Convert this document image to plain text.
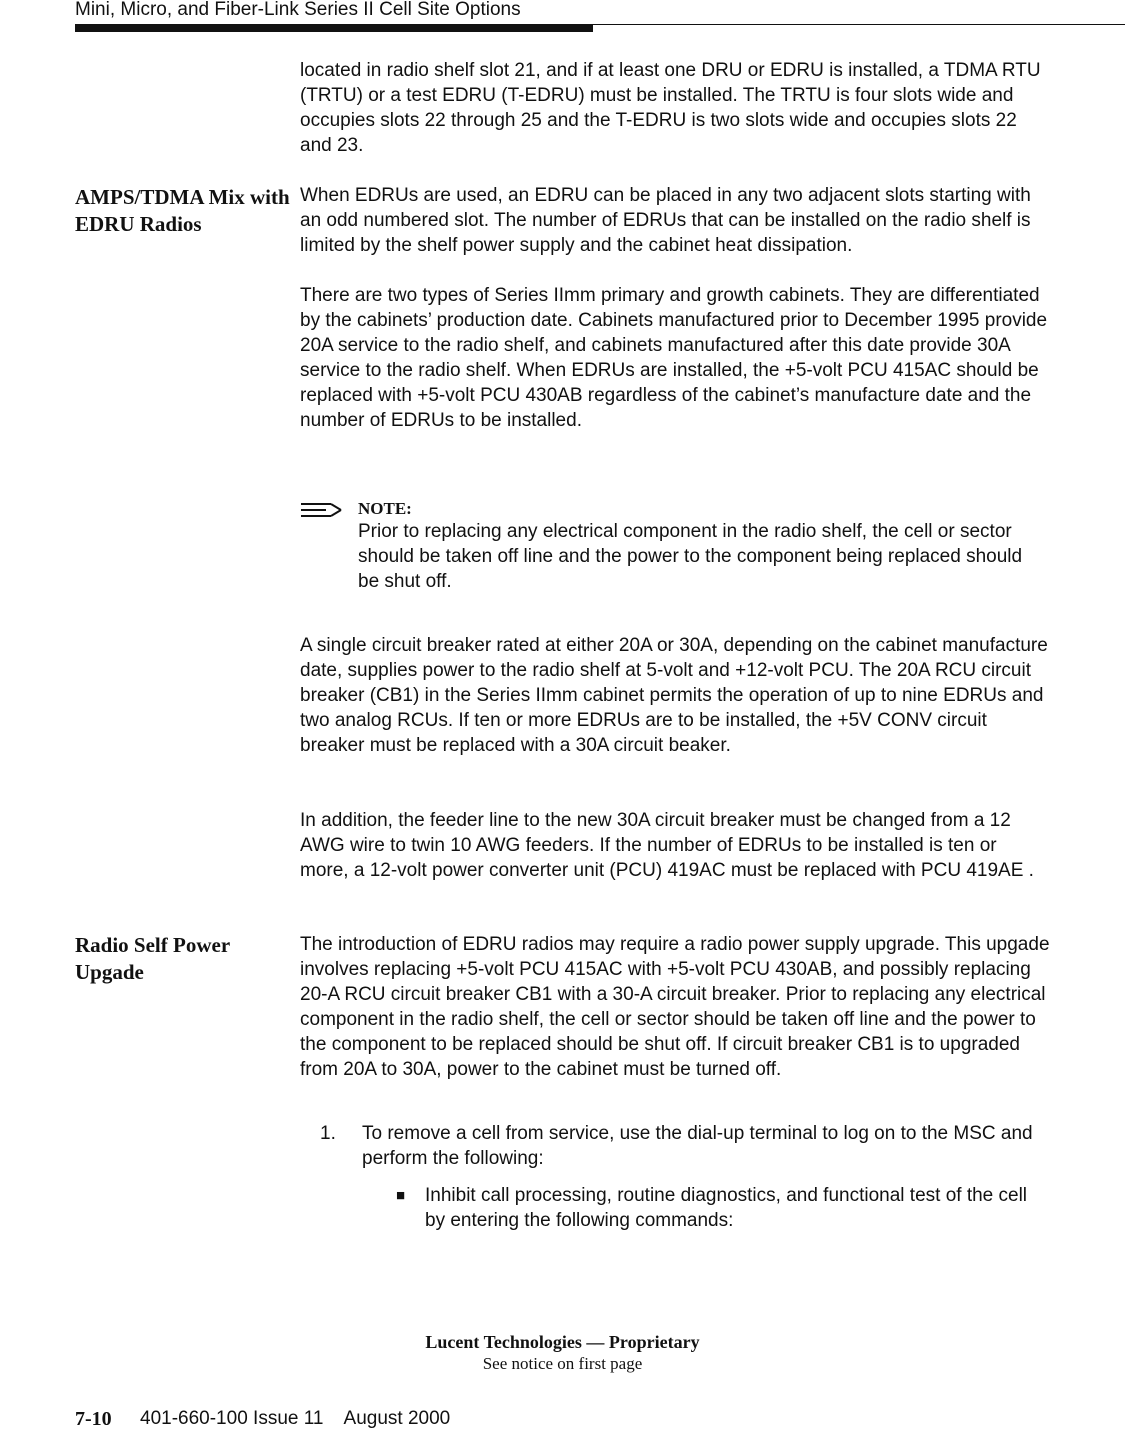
Mini, Micro, and Fiber-Link Series II Cell Site Options

located in radio shelf slot 21, and if at least one DRU or EDRU is installed, a TDMA RTU (TRTU) or a test EDRU (T-EDRU) must be installed. The TRTU is four slots wide and occupies slots 22 through 25 and the T-EDRU is two slots wide and occupies slots 22 and 23.

AMPS/TDMA Mix with EDRU Radios

When EDRUs are used, an EDRU can be placed in any two adjacent slots starting with an odd numbered slot. The number of EDRUs that can be installed on the radio shelf is limited by the shelf power supply and the cabinet heat dissipation.

There are two types of Series IImm primary and growth cabinets. They are differentiated by the cabinets’ production date. Cabinets manufactured prior to December 1995 provide 20A service to the radio shelf, and cabinets manufactured after this date provide 30A service to the radio shelf. When EDRUs are installed, the +5-volt PCU 415AC should be replaced with +5-volt PCU 430AB regardless of the cabinet’s manufacture date and the number of EDRUs to be installed.

NOTE:

Prior to replacing any electrical component in the radio shelf, the cell or sector should be taken off line and the power to the component being replaced should be shut off.

A single circuit breaker rated at either 20A or 30A, depending on the cabinet manufacture date, supplies power to the radio shelf at 5-volt and +12-volt PCU. The 20A RCU circuit breaker (CB1) in the Series IImm cabinet permits the operation of up to nine EDRUs and two analog RCUs. If ten or more EDRUs are to be installed, the +5V CONV circuit breaker must be replaced with a 30A circuit beaker.

In addition, the feeder line to the new 30A circuit breaker must be changed from a 12 AWG wire to twin 10 AWG feeders. If the number of EDRUs to be installed is ten or more, a 12-volt power converter unit (PCU) 419AC must be replaced with PCU 419AE .

Radio Self Power Upgade

The introduction of EDRU radios may require a radio power supply upgrade. This upgade involves replacing +5-volt PCU 415AC with +5-volt PCU 430AB, and possibly replacing 20-A RCU circuit breaker CB1 with a 30-A circuit breaker. Prior to replacing any electrical component in the radio shelf, the cell or sector should be taken off line and the power to the component to be replaced should be shut off. If circuit breaker CB1 is to upgraded from 20A to 30A, power to the cabinet must be turned off.

1. To remove a cell from service, use the dial-up terminal to log on to the MSC and perform the following:

■ Inhibit call processing, routine diagnostics, and functional test of the cell by entering the following commands:

Lucent Technologies — Proprietary
See notice on first page
7-10 401-660-100 Issue 11    August 2000
